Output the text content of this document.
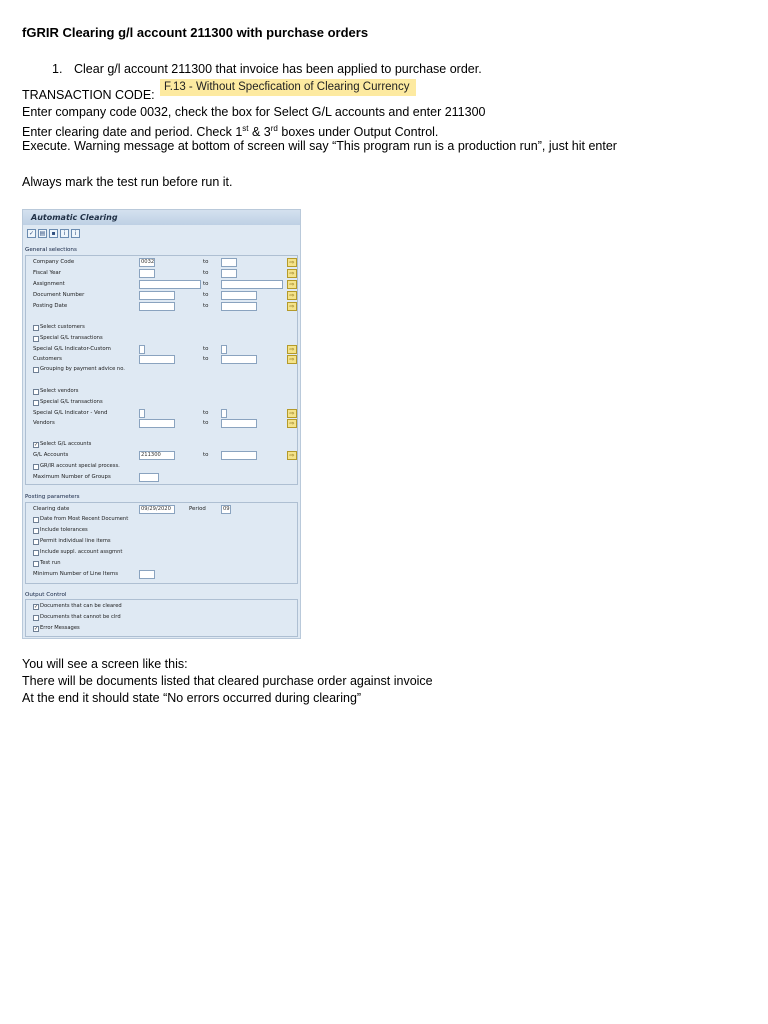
fGRIR Clearing g/l account 211300 with purchase orders
1. Clear g/l account 211300 that invoice has been applied to purchase order.
TRANSACTION CODE:
F.13 - Without Specfication of Clearing Currency
Enter company code 0032, check the box for Select G/L accounts and enter 211300
Enter clearing date and period. Check 1st & 3rd boxes under Output Control.
Execute. Warning message at bottom of screen will say “This program run is a production run”, just hit enter
Always mark the test run before run it.
Automatic Clearing
✓ ▤	▪	i	i
General selections
Company Code	0032	to	⇨
Fiscal Year	to	⇨
Assignment	to	⇨
Document Number	to	⇨
Posting Date	to	⇨
Select customers
Special G/L transactions
Special G/L Indicator-Custom	to	⇨
Customers	to	⇨
Grouping by payment advice no.
Select vendors
Special G/L transactions
Special G/L Indicator - Vend	to	⇨
Vendors	to	⇨
✓ Select G/L accounts
G/L Accounts	211300	to	⇨
GR/IR account special process.
Maximum Number of Groups
Posting parameters
Clearing date	09/29/2020	Period	09
Date from Most Recent Document
Include tolerances
Permit individual line items
Include suppl. account assgmnt
Test run
Minimum Number of Line Items
Output Control
✓ Documents that can be cleared
Documents that cannot be clrd
✓ Error Messages
You will see a screen like this:
There will be documents listed that cleared purchase order against invoice
At the end it should state “No errors occurred during clearing”
